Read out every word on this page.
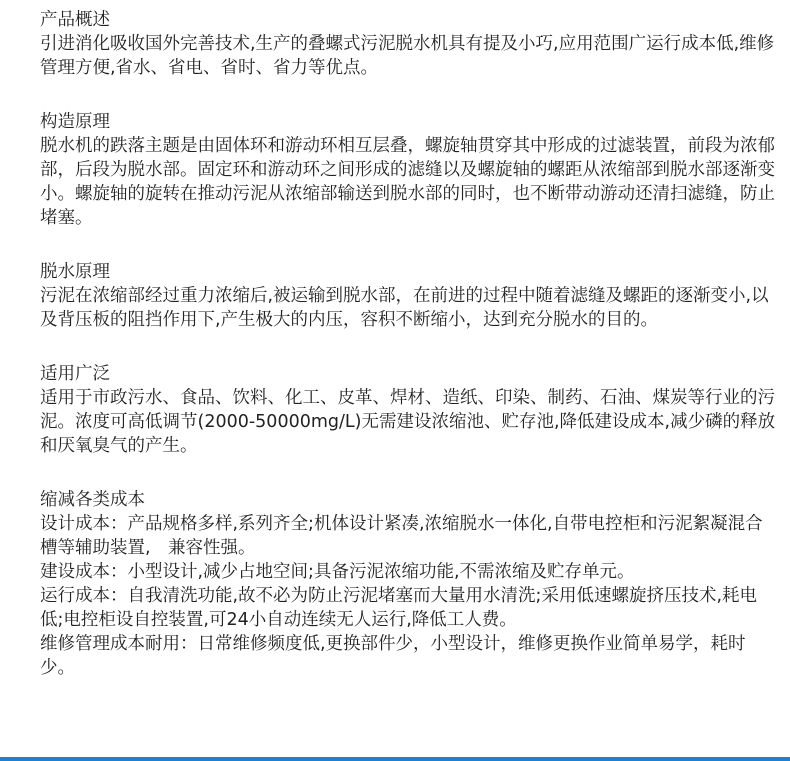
产品概述

引进消化吸收国外完善技术,生产的叠螺式污泥脱水机具有提及小巧,应用范围广运行成本低,维修管理方便,省水、省电、省时、省力等优点。

构造原理

脱水机的跌落主题是由固体环和游动环相互层叠，螺旋轴贯穿其中形成的过滤装置，前段为浓郁部，后段为脱水部。固定环和游动环之间形成的滤缝以及螺旋轴的螺距从浓缩部到脱水部逐渐变小。螺旋轴的旋转在推动污泥从浓缩部输送到脱水部的同时，也不断带动游动还清扫滤缝，防止堵塞。

脱水原理

污泥在浓缩部经过重力浓缩后,被运输到脱水部，在前进的过程中随着滤缝及螺距的逐渐变小,以及背压板的阻挡作用下,产生极大的内压，容积不断缩小，达到充分脱水的目的。

适用广泛

适用于市政污水、食品、饮料、化工、皮革、焊材、造纸、印染、制药、石油、煤炭等行业的污泥。浓度可高低调节(2000-50000mg/L)无需建设浓缩池、贮存池,降低建设成本,减少磷的释放和厌氧臭气的产生。

缩减各类成本

设计成本：产品规格多样,系列齐全;机体设计紧凑,浓缩脱水一体化,自带电控柜和污泥絮凝混合槽等辅助装置,　兼容性强。

建设成本：小型设计,减少占地空间;具备污泥浓缩功能,不需浓缩及贮存单元。

运行成本：自我清洗功能,故不必为防止污泥堵塞而大量用水清洗;采用低速螺旋挤压技术,耗电低;电控柜设自控装置,可24小自动连续无人运行,降低工人费。

维修管理成本耐用：日常维修频度低,更换部件少，小型设计，维修更换作业简单易学，耗时少。
